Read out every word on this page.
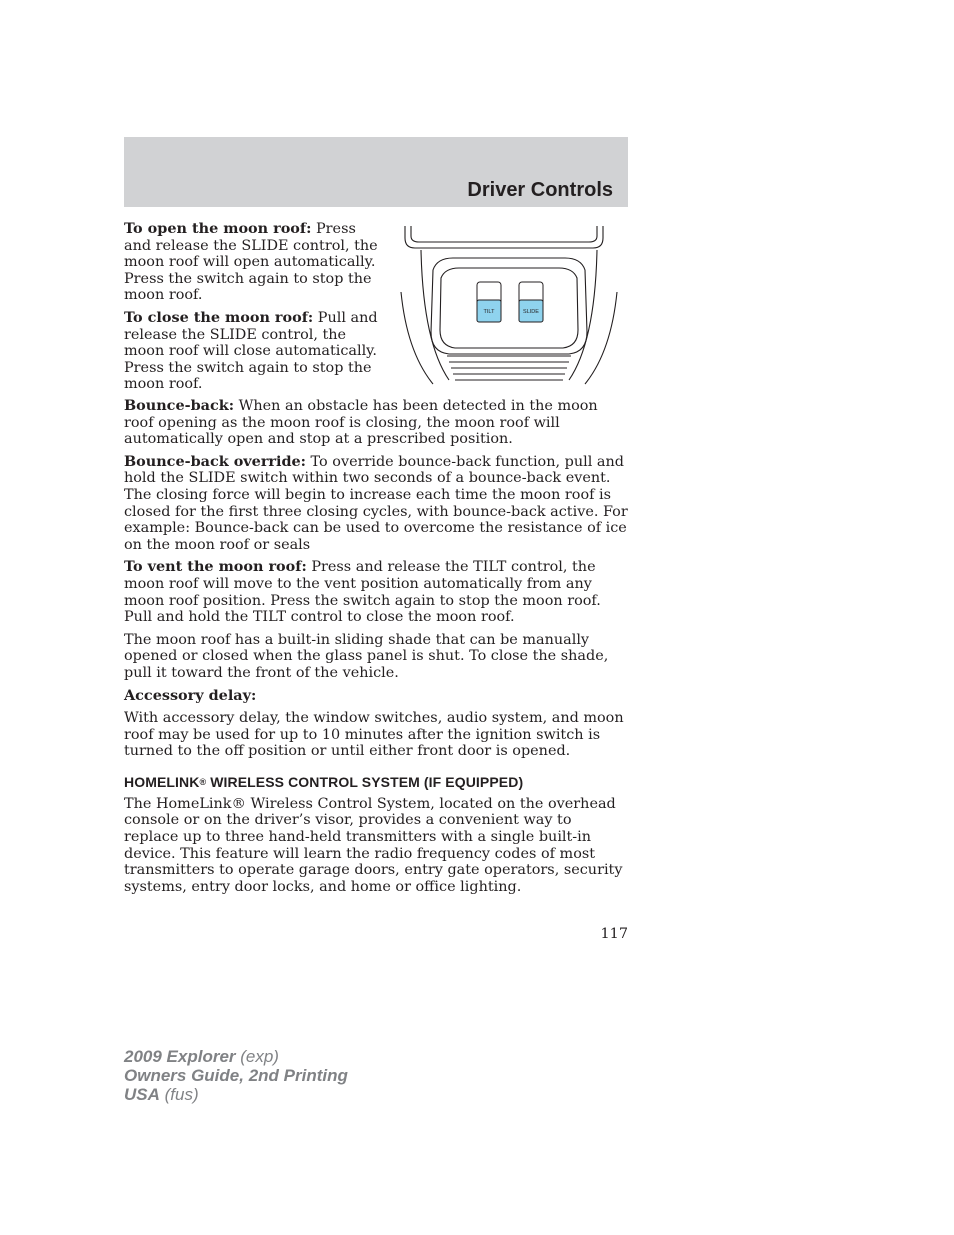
Driver Controls

To open the moon roof: Press and release the SLIDE control, the moon roof will open automatically. Press the switch again to stop the moon roof.

To close the moon roof: Pull and release the SLIDE control, the moon roof will close automatically. Press the switch again to stop the moon roof.

TILT	SLIDE

Bounce-back: When an obstacle has been detected in the moon roof opening as the moon roof is closing, the moon roof will automatically open and stop at a prescribed position.

Bounce-back override: To override bounce-back function, pull and hold the SLIDE switch within two seconds of a bounce-back event. The closing force will begin to increase each time the moon roof is closed for the first three closing cycles, with bounce-back active. For example: Bounce-back can be used to overcome the resistance of ice on the moon roof or seals

To vent the moon roof: Press and release the TILT control, the moon roof will move to the vent position automatically from any moon roof position. Press the switch again to stop the moon roof. Pull and hold the TILT control to close the moon roof.

The moon roof has a built-in sliding shade that can be manually opened or closed when the glass panel is shut. To close the shade, pull it toward the front of the vehicle.

Accessory delay:

With accessory delay, the window switches, audio system, and moon roof may be used for up to 10 minutes after the ignition switch is turned to the off position or until either front door is opened.

HOMELINK® WIRELESS CONTROL SYSTEM (IF EQUIPPED)

The HomeLink® Wireless Control System, located on the overhead console or on the driver’s visor, provides a convenient way to replace up to three hand-held transmitters with a single built-in device. This feature will learn the radio frequency codes of most transmitters to operate garage doors, entry gate operators, security systems, entry door locks, and home or office lighting.

117
2009 Explorer (exp)
Owners Guide, 2nd Printing
USA (fus)
